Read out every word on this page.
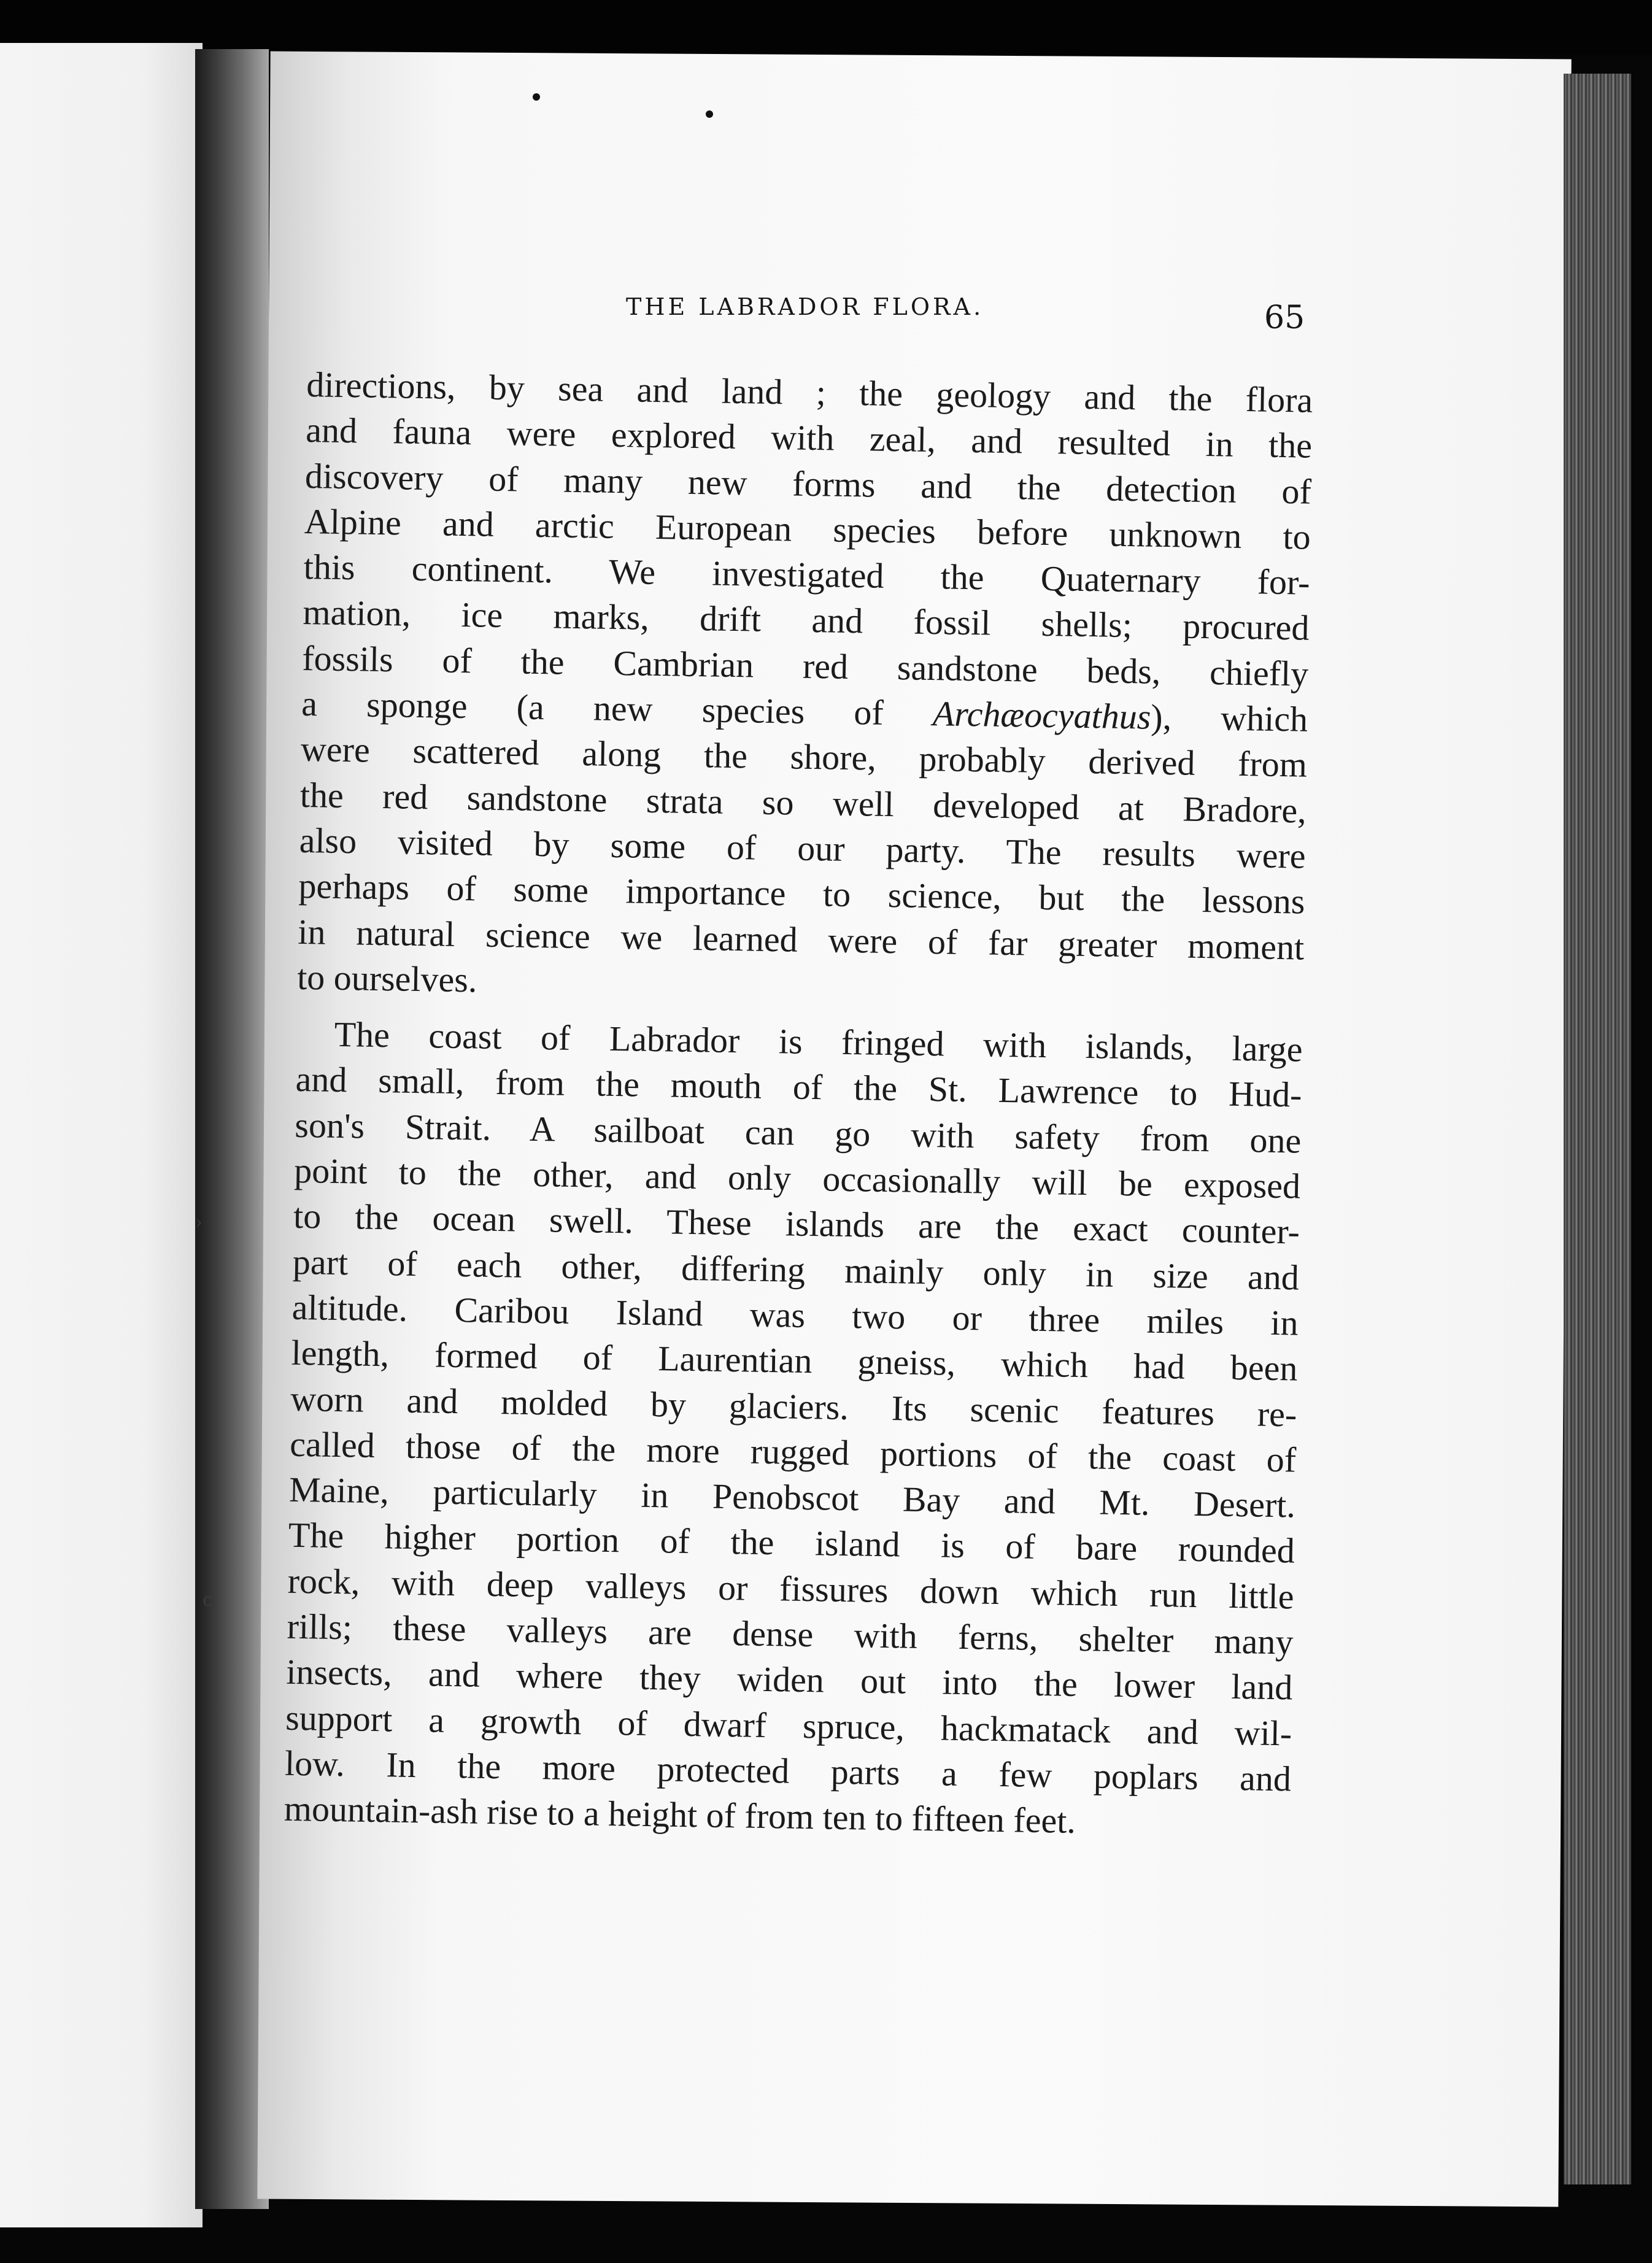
›
c
THE LABRADOR FLORA.	65
directions, by sea and land ; the geology and the flora
and fauna were explored with zeal, and resulted in the
discovery of many new forms and the detection of
Alpine and arctic European species before unknown to
this continent. We investigated the Quaternary for-
mation, ice marks, drift and fossil shells; procured
fossils of the Cambrian red sandstone beds, chiefly
a sponge (a new species of Archæocyathus), which
were scattered along the shore, probably derived from
the red sandstone strata so well developed at Bradore,
also visited by some of our party. The results were
perhaps of some importance to science, but the lessons
in natural science we learned were of far greater moment
to ourselves.
The coast of Labrador is fringed with islands, large
and small, from the mouth of the St. Lawrence to Hud-
son's Strait. A sailboat can go with safety from one
point to the other, and only occasionally will be exposed
to the ocean swell. These islands are the exact counter-
part of each other, differing mainly only in size and
altitude. Caribou Island was two or three miles in
length, formed of Laurentian gneiss, which had been
worn and molded by glaciers. Its scenic features re-
called those of the more rugged portions of the coast of
Maine, particularly in Penobscot Bay and Mt. Desert.
The higher portion of the island is of bare rounded
rock, with deep valleys or fissures down which run little
rills; these valleys are dense with ferns, shelter many
insects, and where they widen out into the lower land
support a growth of dwarf spruce, hackmatack and wil-
low. In the more protected parts a few poplars and
mountain-ash rise to a height of from ten to fifteen feet.
